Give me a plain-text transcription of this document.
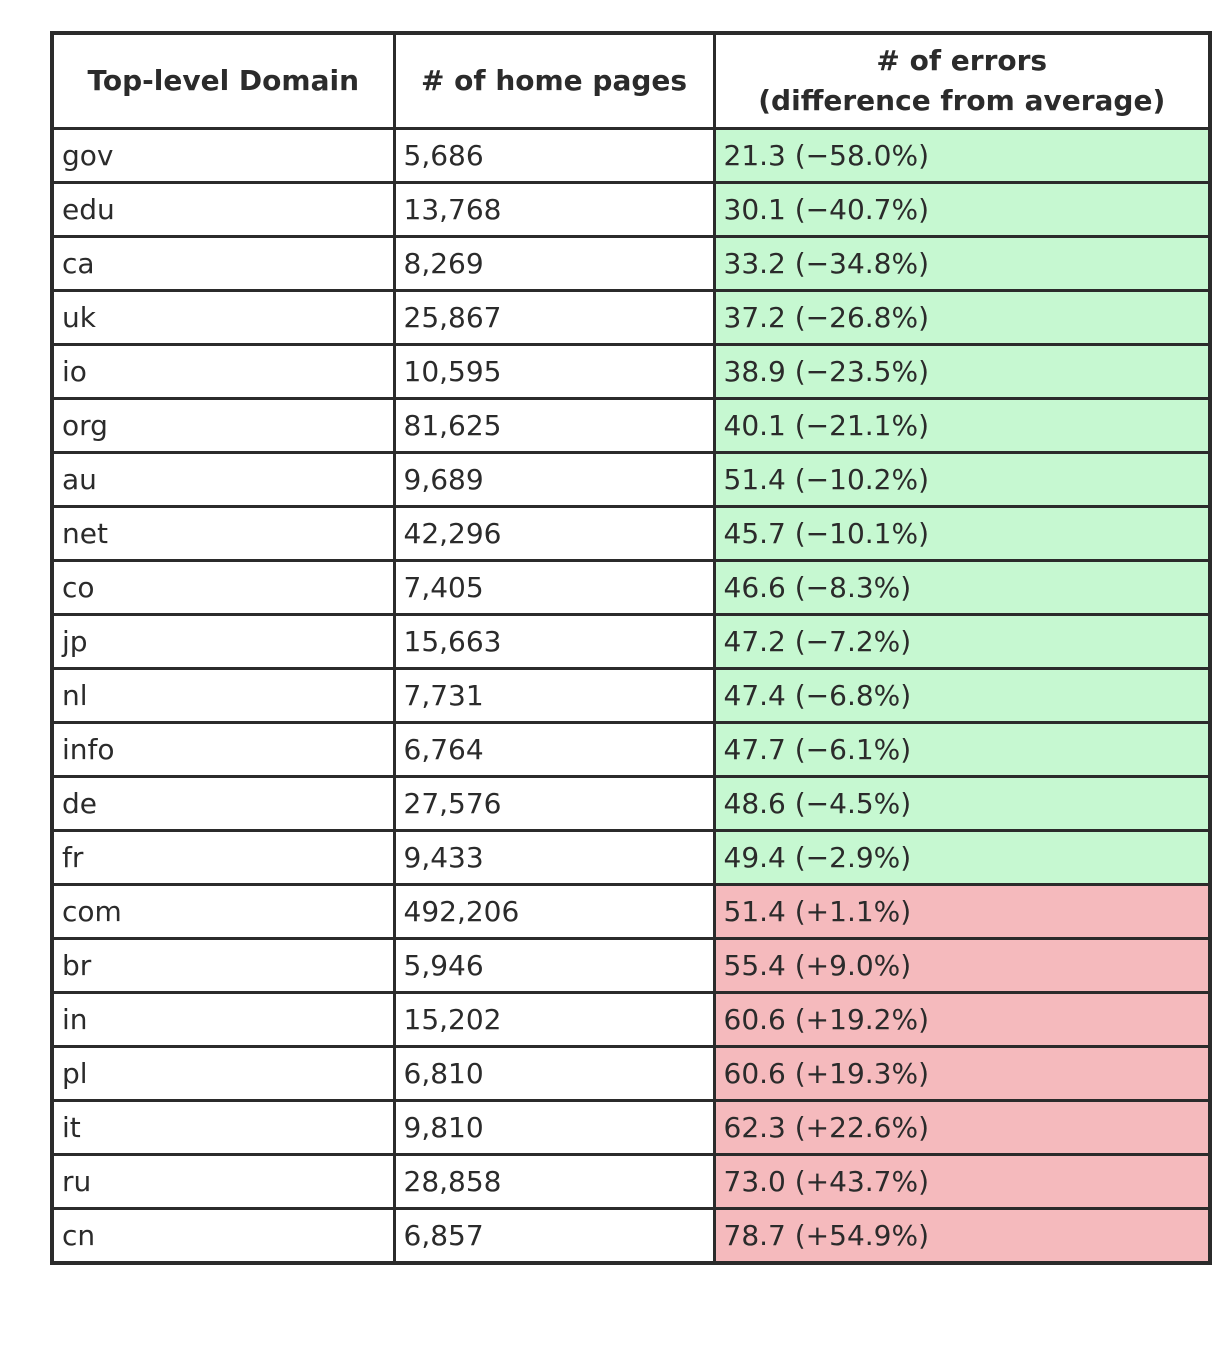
Top-level Domain	# of home pages	# of errors
(difference from average)
gov	5,686	21.3 (−58.0%)
edu	13,768	30.1 (−40.7%)
ca	8,269	33.2 (−34.8%)
uk	25,867	37.2 (−26.8%)
io	10,595	38.9 (−23.5%)
org	81,625	40.1 (−21.1%)
au	9,689	51.4 (−10.2%)
net	42,296	45.7 (−10.1%)
co	7,405	46.6 (−8.3%)
jp	15,663	47.2 (−7.2%)
nl	7,731	47.4 (−6.8%)
info	6,764	47.7 (−6.1%)
de	27,576	48.6 (−4.5%)
fr	9,433	49.4 (−2.9%)
com	492,206	51.4 (+1.1%)
br	5,946	55.4 (+9.0%)
in	15,202	60.6 (+19.2%)
pl	6,810	60.6 (+19.3%)
it	9,810	62.3 (+22.6%)
ru	28,858	73.0 (+43.7%)
cn	6,857	78.7 (+54.9%)
